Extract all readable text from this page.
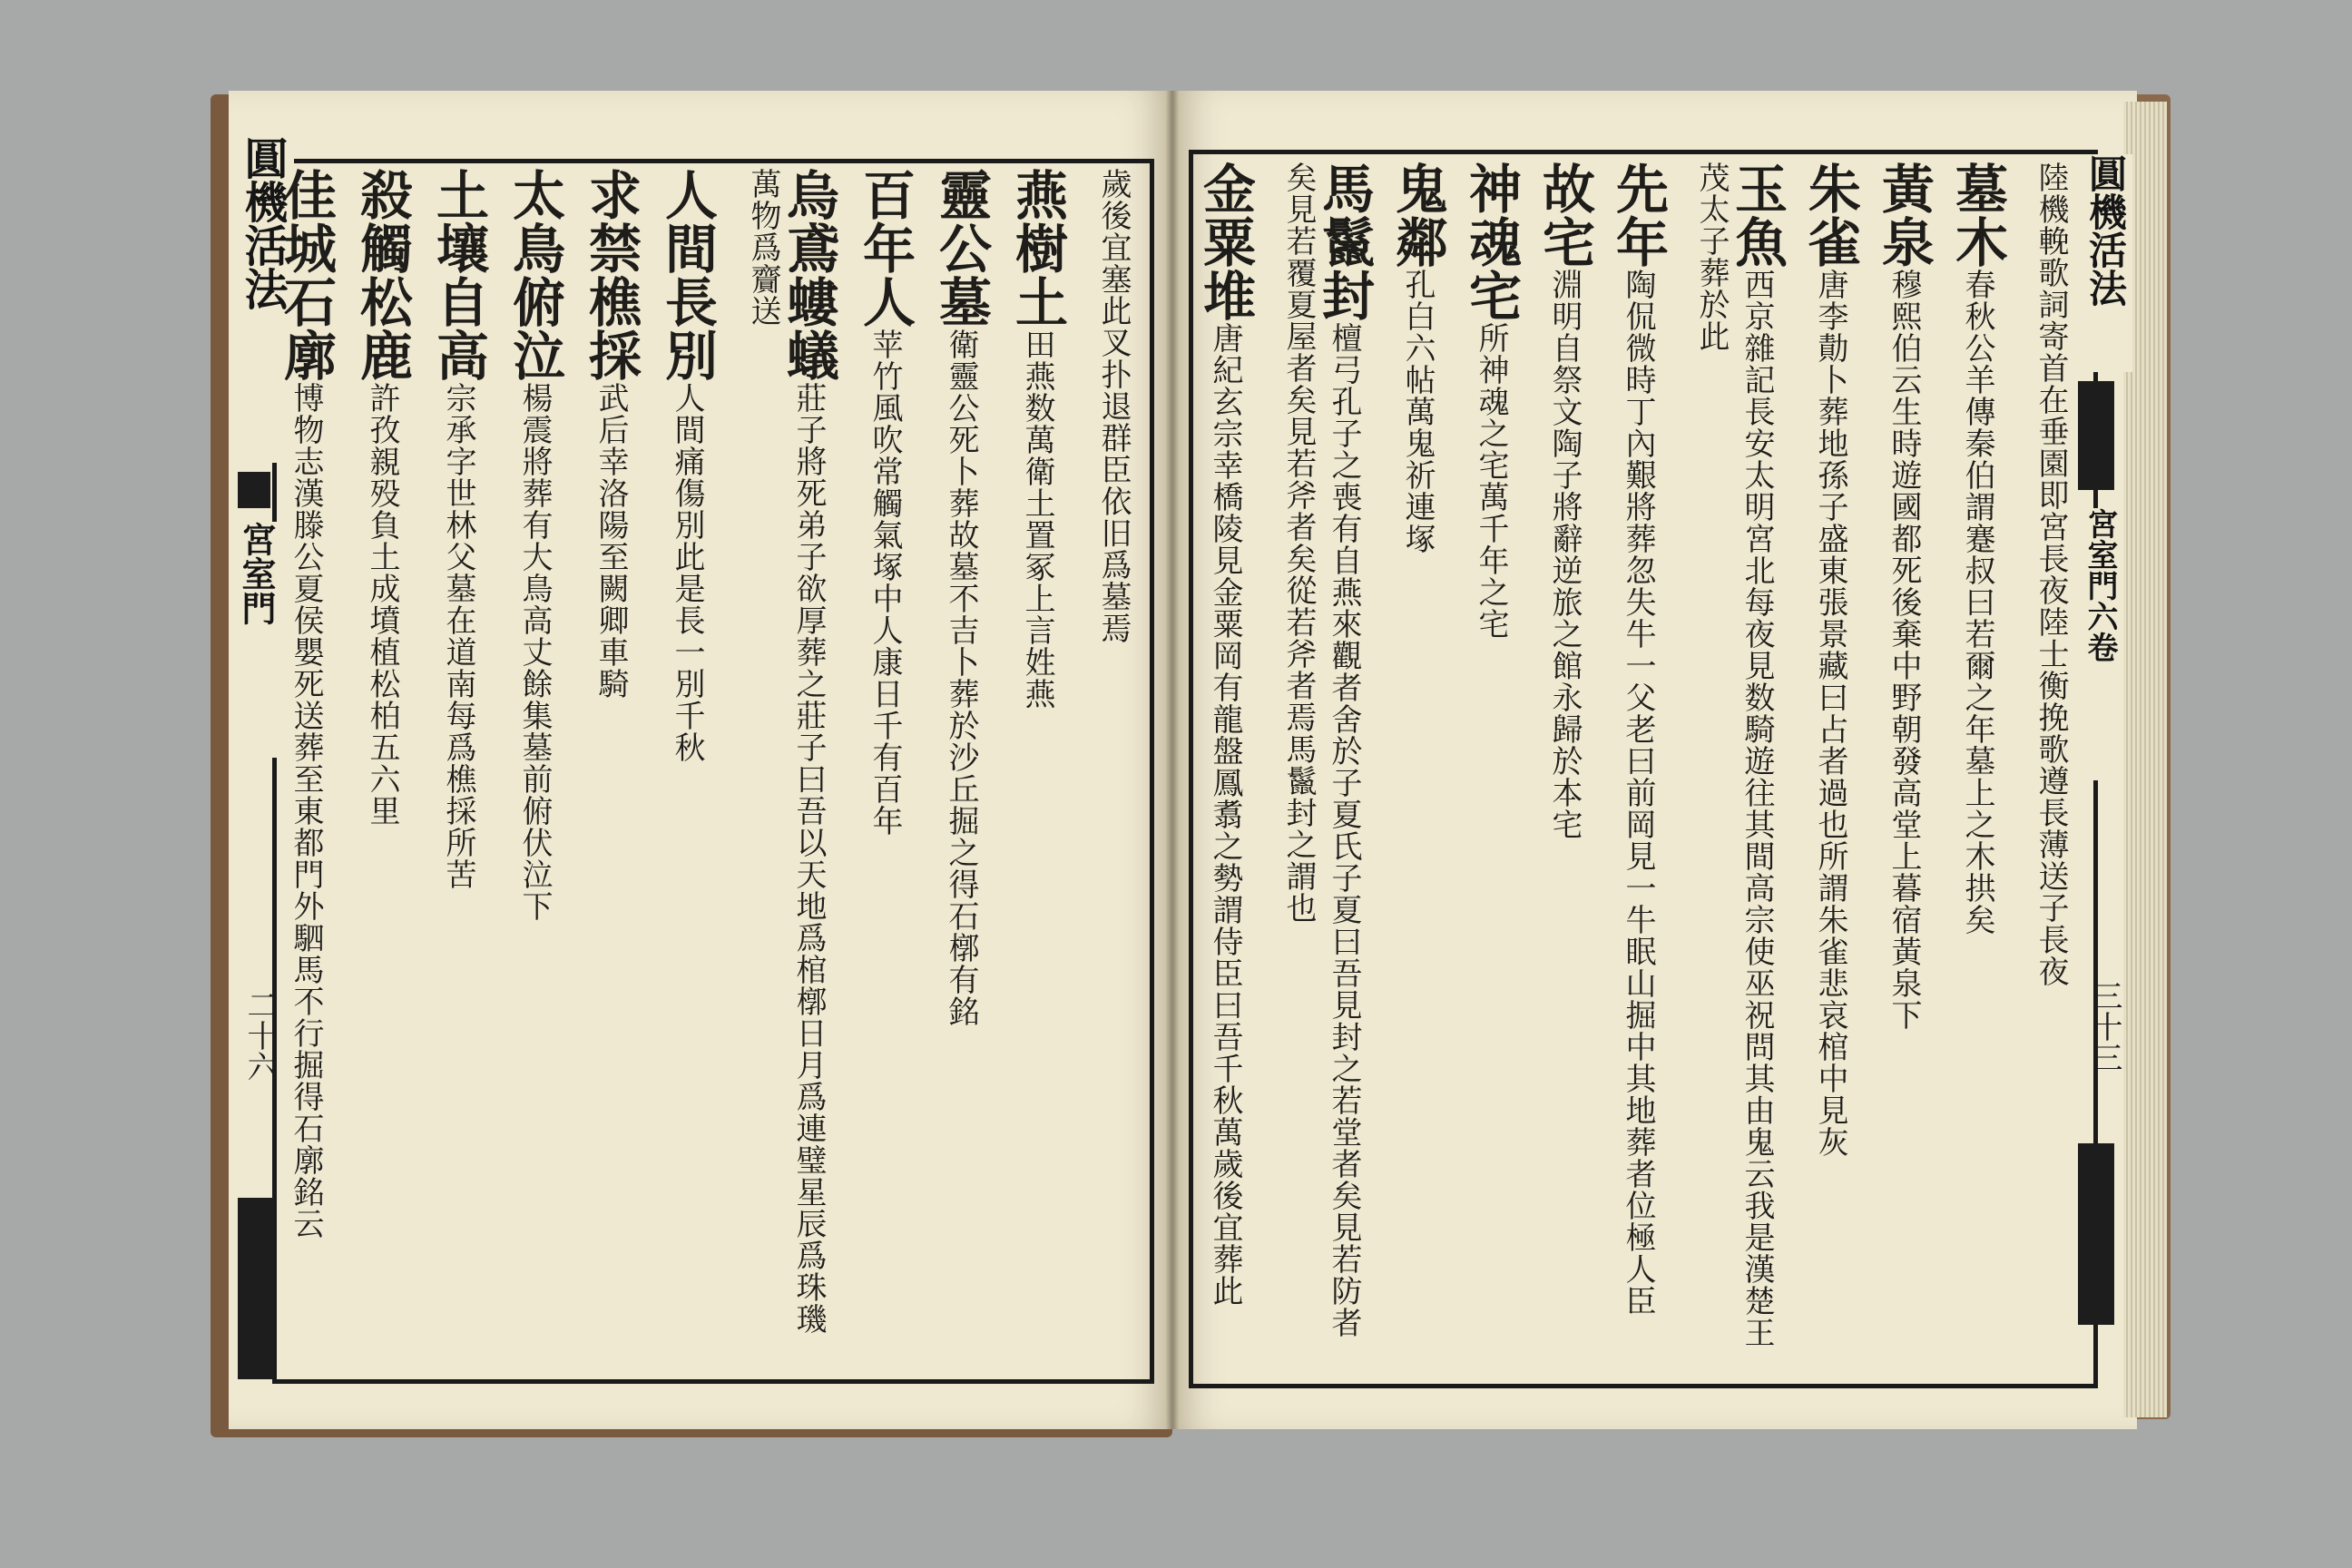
圓機活法
宮室門
二十六
歲後宜塞此叉扑退群臣依旧爲墓焉
燕樹土田燕数萬衛土置冢上言姓燕
靈公墓衛靈公死卜葬故墓不吉卜葬於沙丘掘之得石槨有銘
百年人苹竹風吹常觸氣塚中人康日千有百年
烏鳶螻蟻莊子將死弟子欲厚葬之莊子曰吾以天地爲棺槨日月爲連璧星辰爲珠璣萬物爲齎送
人間長別人間痛傷別此是長一別千秋
求禁樵採武后幸洛陽至闕卿車騎
太鳥俯泣楊震將葬有大鳥高丈餘集墓前俯伏泣下
土壤自高宗承字世林父墓在道南每爲樵採所苦
殺觸松鹿許孜親殁負土成墳植松柏五六里
佳城石廓博物志漢滕公夏侯嬰死送葬至東都門外駟馬不行掘得石廓銘云
圓機活法
宮室門六卷
三十三
陸機輓歌詞寄首在垂園即宮長夜陸士衡挽歌遵長薄送子長夜
墓木春秋公羊傳秦伯謂蹇叔曰若爾之年墓上之木拱矣
黃泉穆熙伯云生時遊國都死後棄中野朝發高堂上暮宿黃泉下
朱雀唐李勣卜葬地孫子盛東張景藏曰占者過也所謂朱雀悲哀棺中見灰
玉魚西京雜記長安太明宮北每夜見数騎遊往其間高宗使巫祝問其由鬼云我是漢楚王茂太子葬於此
先年陶侃微時丁內艱將葬忽失牛一父老曰前岡見一牛眠山掘中其地葬者位極人臣
故宅淵明自祭文陶子將辭逆旅之館永歸於本宅
神魂宅所神魂之宅萬千年之宅
鬼鄰孔白六帖萬鬼祈連塚
馬鬣封檀弓孔子之喪有自燕來觀者舍於子夏氏子夏曰吾見封之若堂者矣見若防者矣見若覆夏屋者矣見若斧者矣從若斧者焉馬鬣封之謂也
金粟堆唐紀玄宗幸橋陵見金粟岡有龍盤鳳翥之勢謂侍臣曰吾千秋萬歲後宜葬此
